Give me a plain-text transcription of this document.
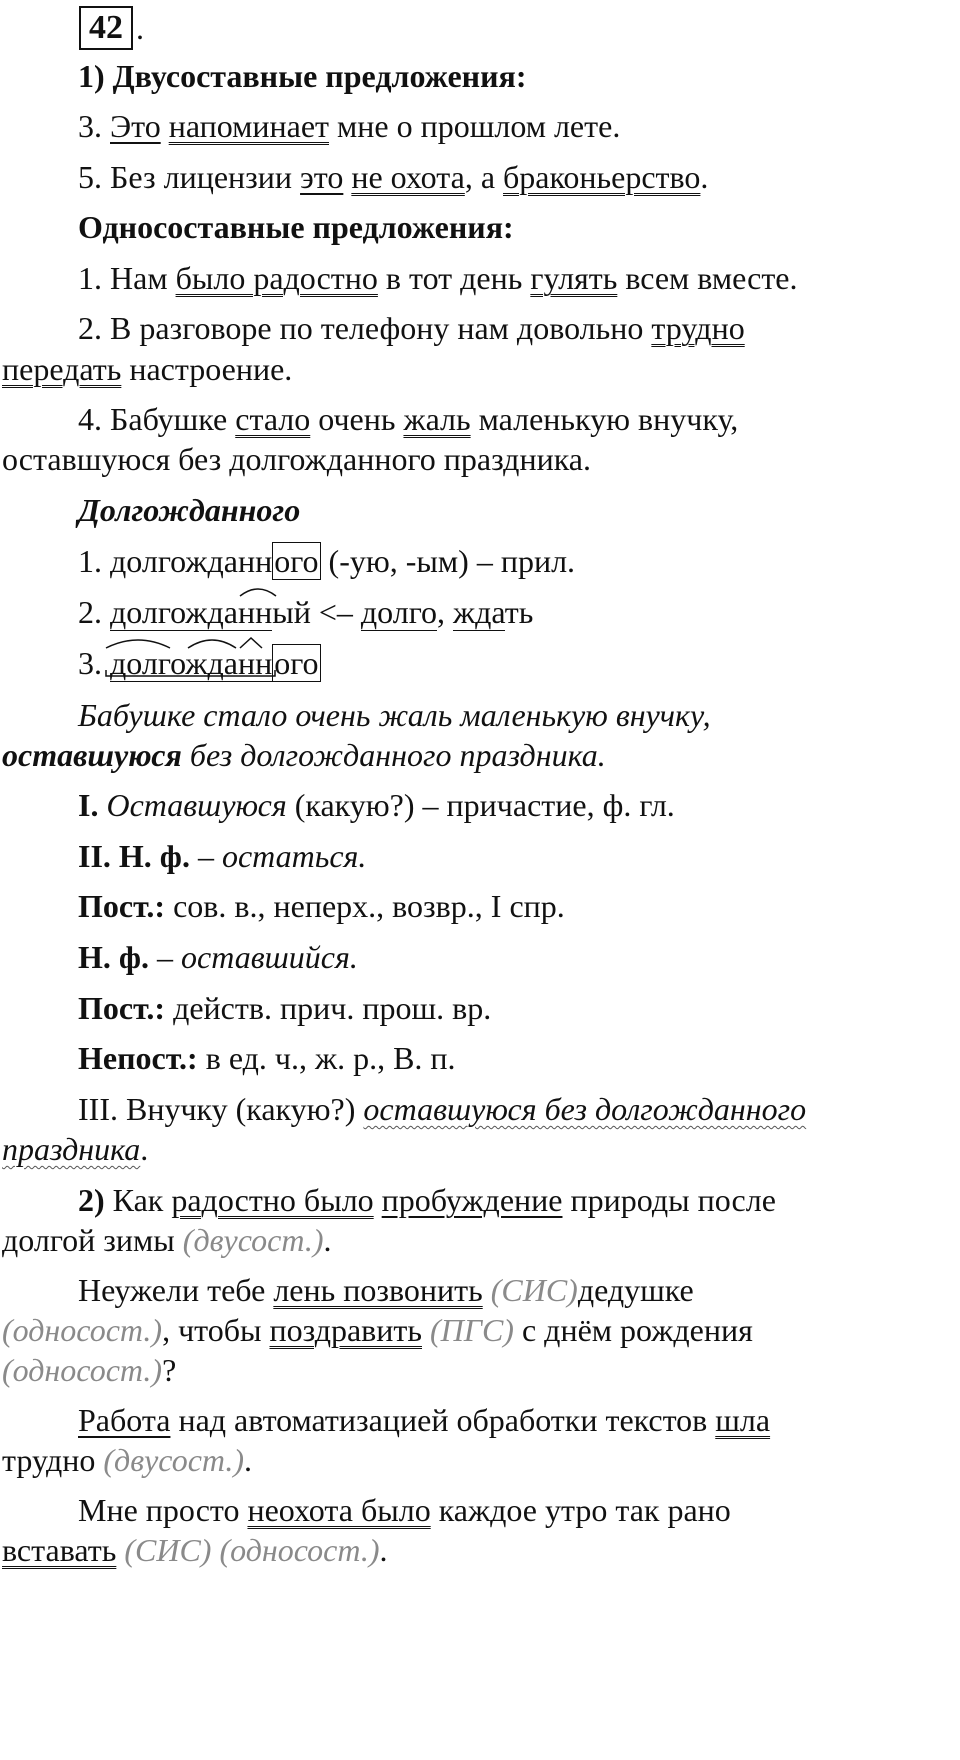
42 .
1) Двусоставные предложения:
3. Это напоминает мне о прошлом лете.
5. Без лицензии это не охота, а браконьерство.
Односоставные предложения:
1. Нам было радостно в тот день гулять всем вместе.
2. В разговоре по телефону нам довольно трудно
передать настроение.
4. Бабушке стало очень жаль маленькую внучку,
оставшуюся без долгожданного праздника.
Долгожданного
1. долгожданного (-ую, -ым) – прил.
2. долгожданный <– долго, ждать
3. долгожданного
Бабушке стало очень жаль маленькую внучку,
оставшуюся без долгожданного праздника.
I. Оставшуюся (какую?) – причастие, ф. гл.
II. Н. ф. – остаться.
Пост.: сов. в., неперх., возвр., I спр.
Н. ф. – оставшийся.
Пост.: действ. прич. прош. вр.
Непост.: в ед. ч., ж. р., В. п.
III. Внучку (какую?) оставшуюся без долгожданного
праздника.
2) Как радостно было пробуждение природы после
долгой зимы (двусост.).
Неужели тебе лень позвонить (СИС)дедушке
(односост.), чтобы поздравить (ПГС) с днём рождения
(односост.)?
Работа над автоматизацией обработки текстов шла
трудно (двусост.).
Мне просто неохота было каждое утро так рано
вставать (СИС) (односост.).
